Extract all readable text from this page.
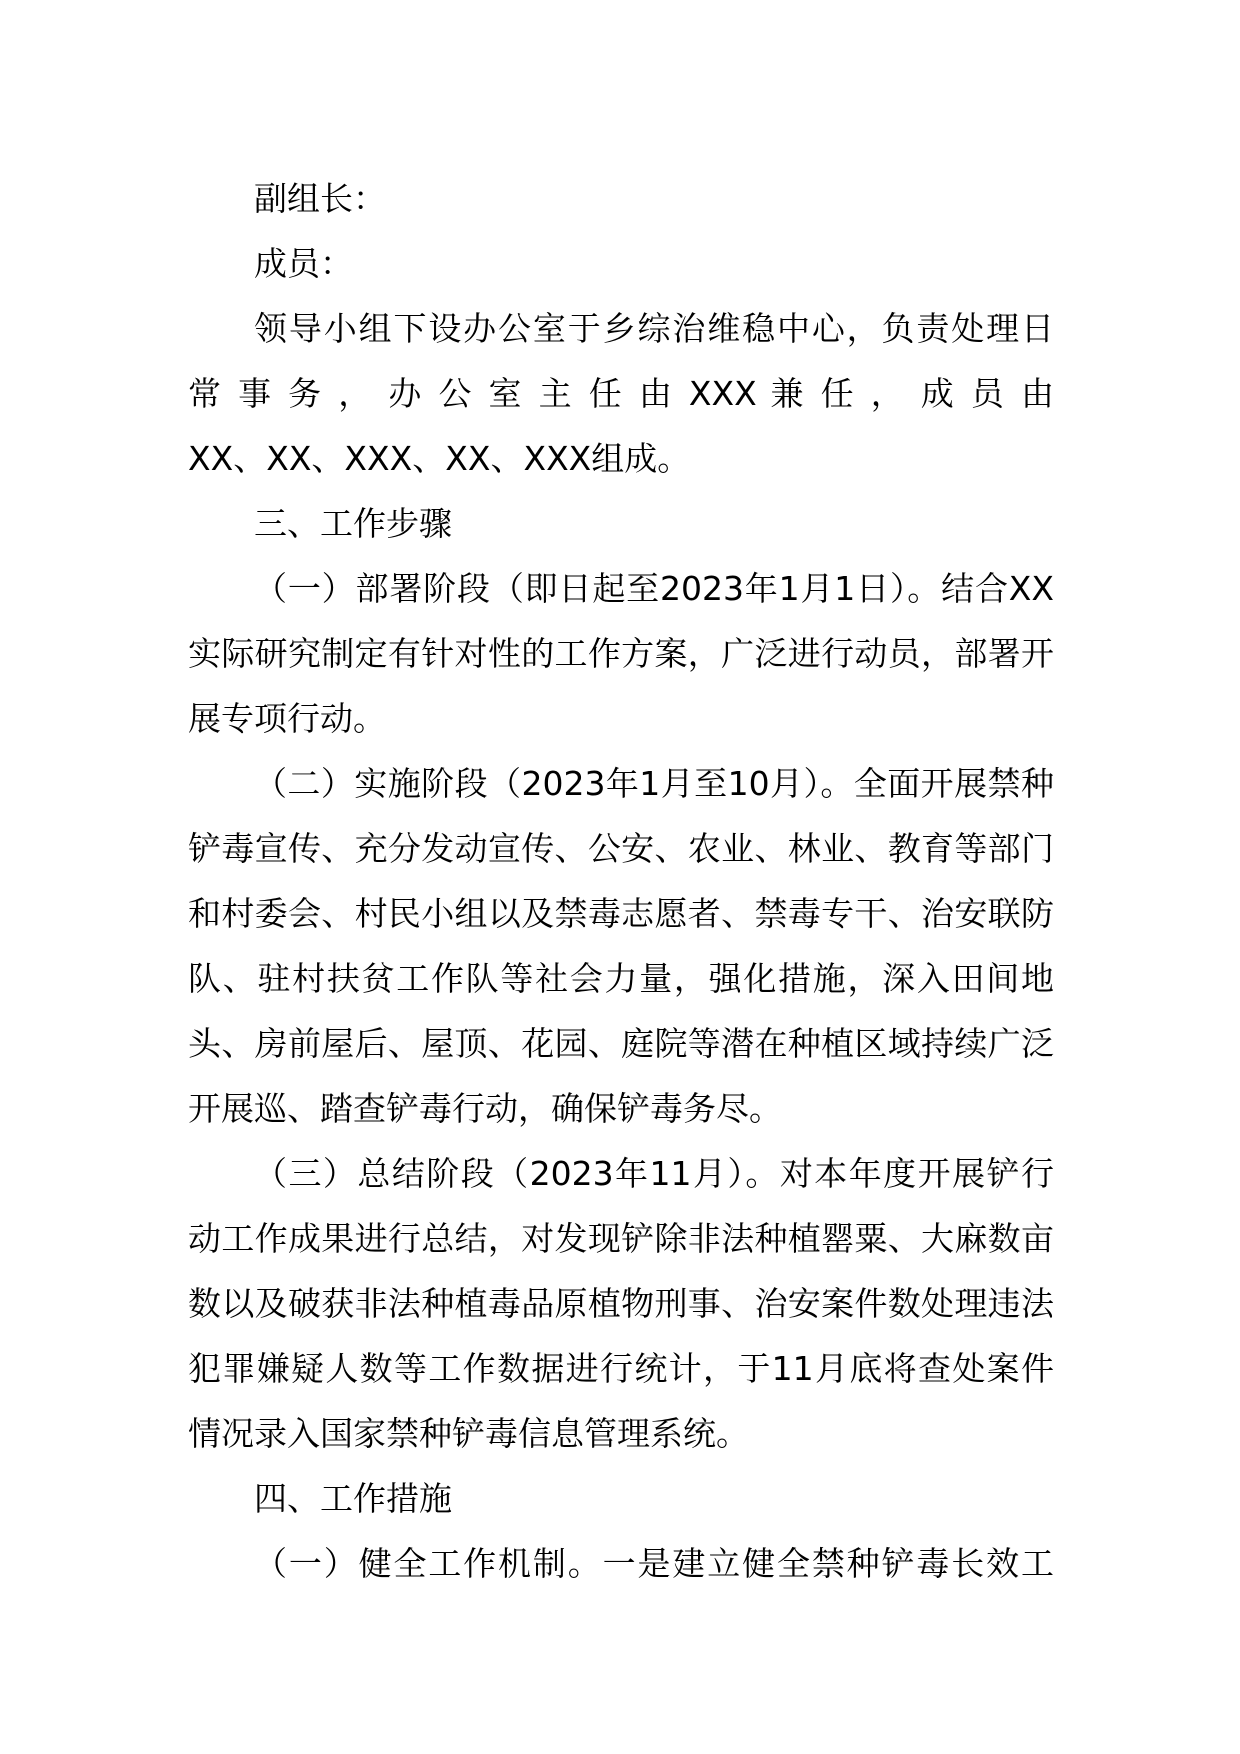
副组长：
成员：
领导小组下设办公室于乡综治维稳中心，负责处理日
常 事 务 ， 办 公 室 主 任 由 XXX 兼 任 ， 成 员 由
XX、XX、XXX、XX、XXX组成。
三、工作步骤

（一）部署阶段（即日起至2023年1月1日）。结合XX实际研究制定有针对性的工作方案，广泛进行动员，部署开展专项行动。

（二）实施阶段（2023年1月至10月）。全面开展禁种铲毒宣传、充分发动宣传、公安、农业、林业、教育等部门和村委会、村民小组以及禁毒志愿者、禁毒专干、治安联防队、驻村扶贫工作队等社会力量，强化措施，深入田间地头、房前屋后、屋顶、花园、庭院等潜在种植区域持续广泛开展巡、踏查铲毒行动，确保铲毒务尽。

（三）总结阶段（2023年11月）。对本年度开展铲行动工作成果进行总结，对发现铲除非法种植罂粟、大麻数亩数以及破获非法种植毒品原植物刑事、治安案件数处理违法犯罪嫌疑人数等工作数据进行统计，于11月底将查处案件情况录入国家禁种铲毒信息管理系统。

四、工作措施
（一）健全工作机制。一是建立健全禁种铲毒长效工
